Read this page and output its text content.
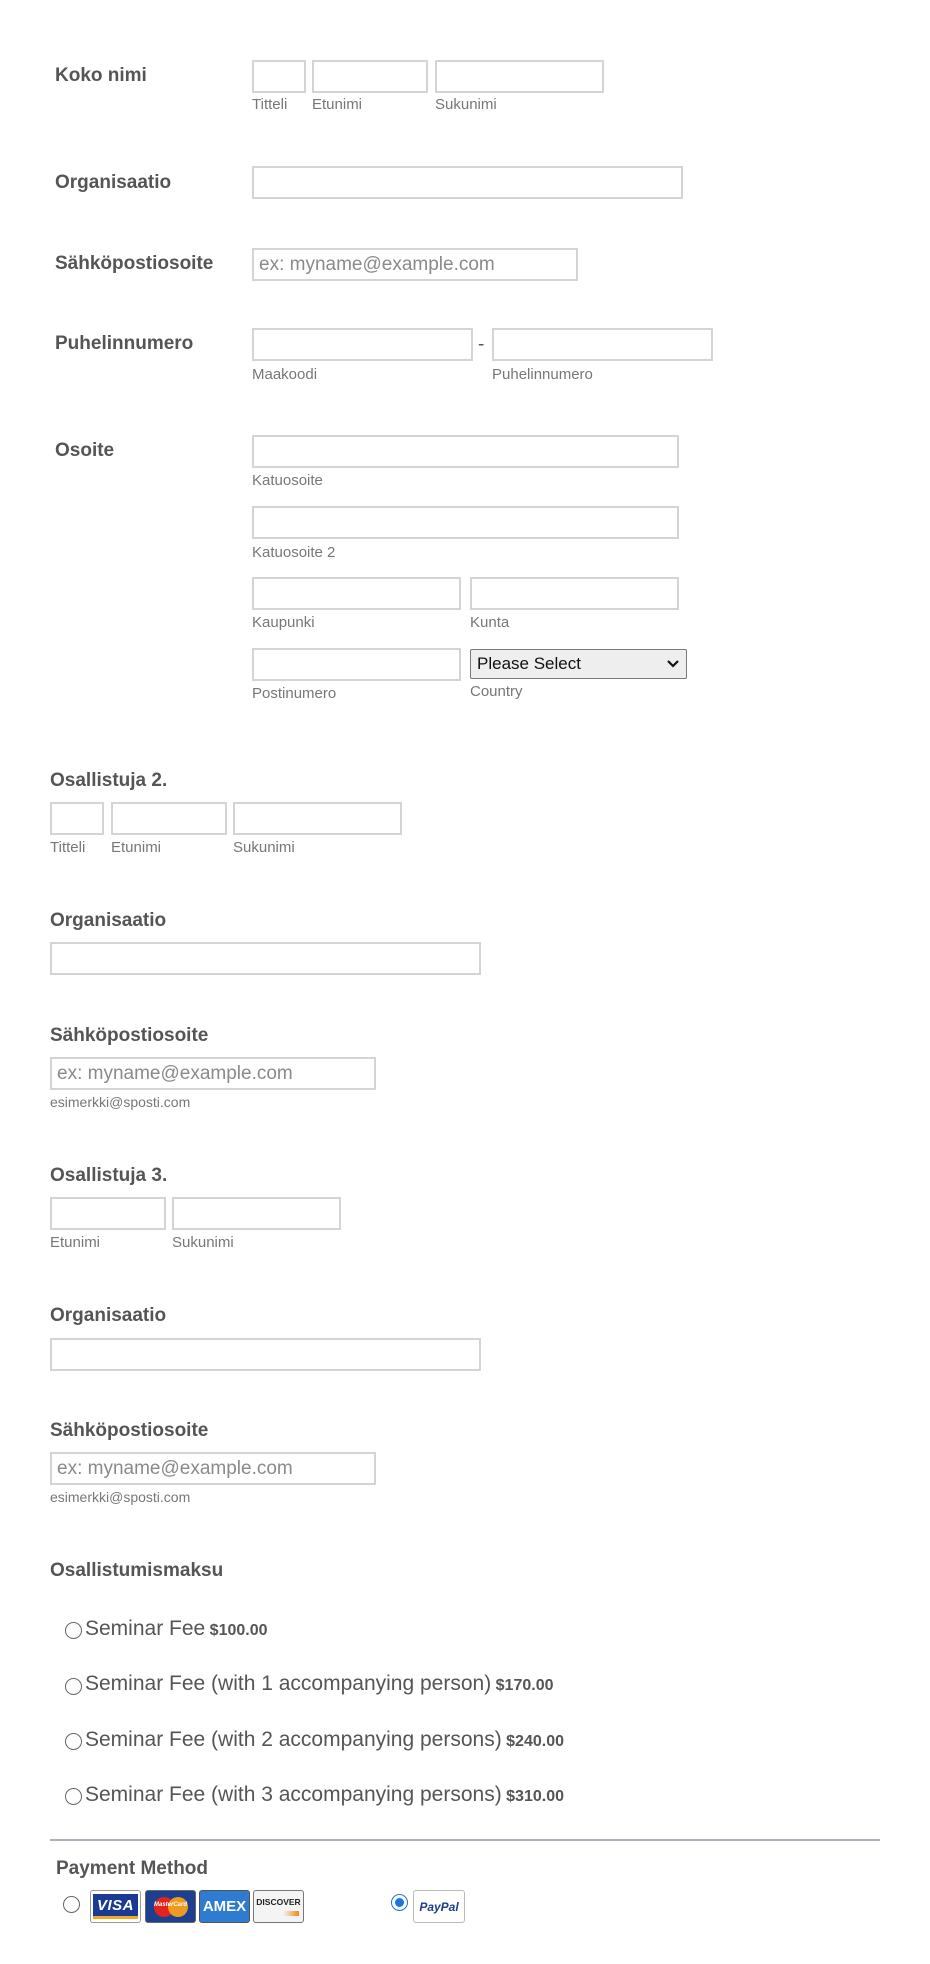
Koko nimi
Titteli Etunimi	Sukunimi
Organisaatio
Sähköpostiosoite
ex: myname@example.com
Puhelinnumero	-
Maakoodi	Puhelinnumero
Osoite
Katuosoite
Katuosoite 2
Kaupunki	Kunta
Please Select
Postinumero	Country
Osallistuja 2.
Titteli Etunimi	Sukunimi
Organisaatio
Sähköpostiosoite
ex: myname@example.com
esimerkki@sposti.com
Osallistuja 3.
Etunimi	Sukunimi
Organisaatio
Sähköpostiosoite
ex: myname@example.com
esimerkki@sposti.com
Osallistumismaksu
Seminar Fee $100.00
Seminar Fee (with 1 accompanying person) $170.00
Seminar Fee (with 2 accompanying persons) $240.00
Seminar Fee (with 3 accompanying persons) $310.00
Payment Method
VISA	MasterCard AMEX DISCOVER	PayPal
